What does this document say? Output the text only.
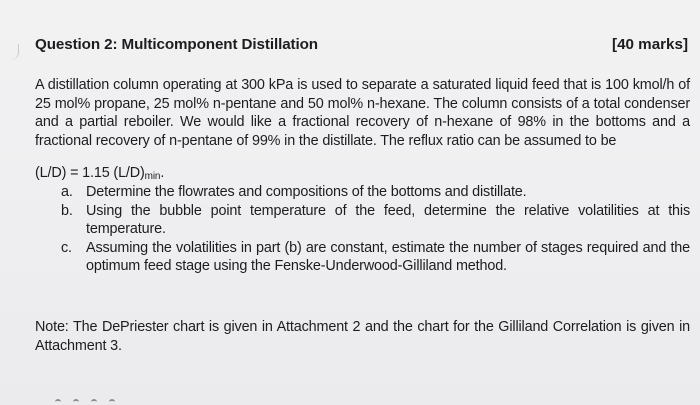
Question 2: Multicomponent Distillation	[40 marks]
A distillation column operating at 300 kPa is used to separate a saturated liquid feed that is 100 kmol/h of 25 mol% propane, 25 mol% n-pentane and 50 mol% n-hexane. The column consists of a total condenser and a partial reboiler. We would like a fractional recovery of n-hexane of 98% in the bottoms and a fractional recovery of n-pentane of 99% in the distillate. The reflux ratio can be assumed to be
(L/D) = 1.15 $(L/D)_{min}$.
a. Determine the flowrates and compositions of the bottoms and distillate.
b. Using the bubble point temperature of the feed, determine the relative volatilities at this temperature.
c. Assuming the volatilities in part (b) are constant, estimate the number of stages required and the optimum feed stage using the Fenske-Underwood-Gilliland method.
Note: The DePriester chart is given in Attachment 2 and the chart for the Gilliland Correlation is given in Attachment 3.
